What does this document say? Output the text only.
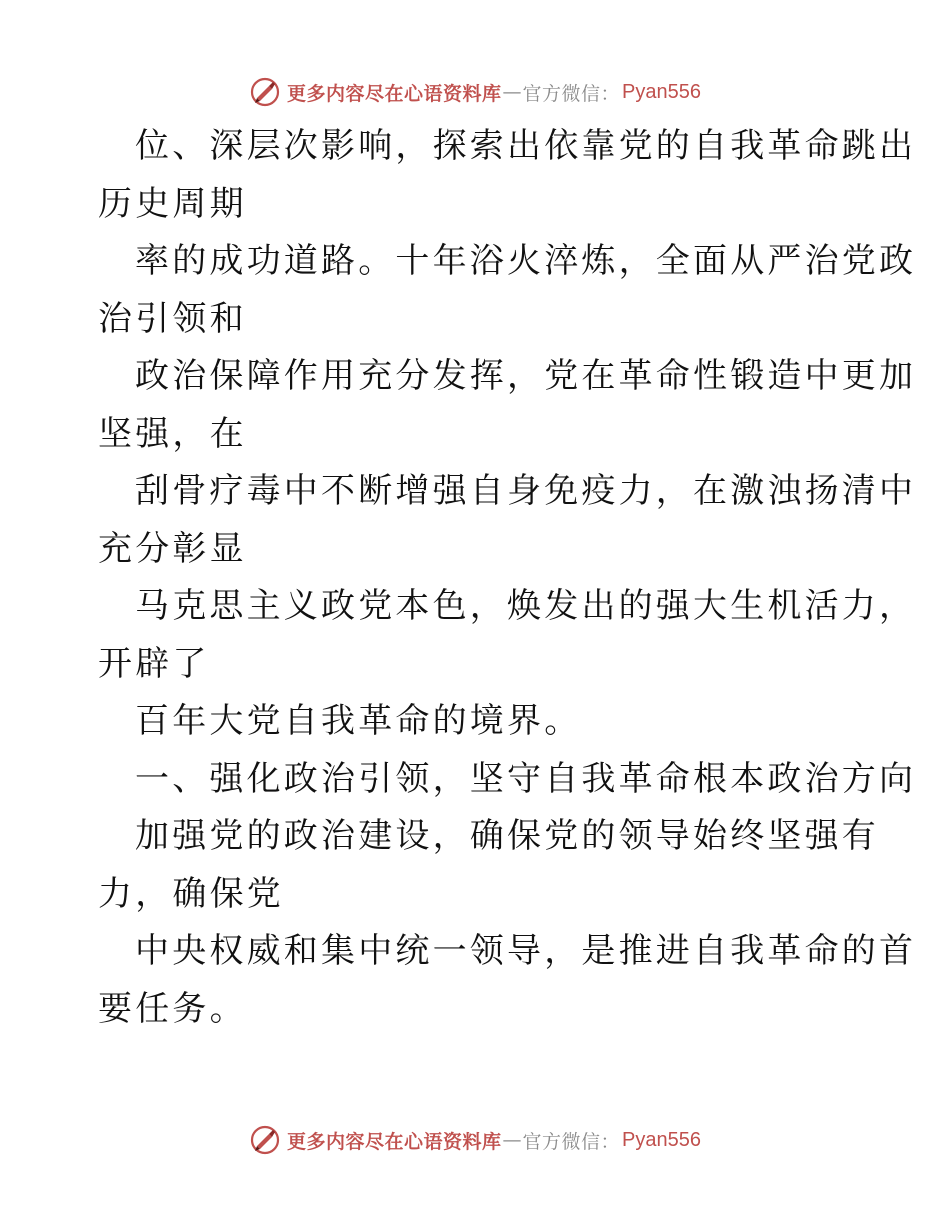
更多内容尽在心语资料库 — 官方微信： Pyan556
位、深层次影响，探索出依靠党的自我革命跳出
历史周期
率的成功道路。十年浴火淬炼，全面从严治党政
治引领和
政治保障作用充分发挥，党在革命性锻造中更加
坚强，在
刮骨疗毒中不断增强自身免疫力，在激浊扬清中
充分彰显
马克思主义政党本色，焕发出的强大生机活力，
开辟了
百年大党自我革命的境界。
一、强化政治引领，坚守自我革命根本政治方向
加强党的政治建设，确保党的领导始终坚强有
力，确保党
中央权威和集中统一领导，是推进自我革命的首
要任务。
更多内容尽在心语资料库 — 官方微信： Pyan556
